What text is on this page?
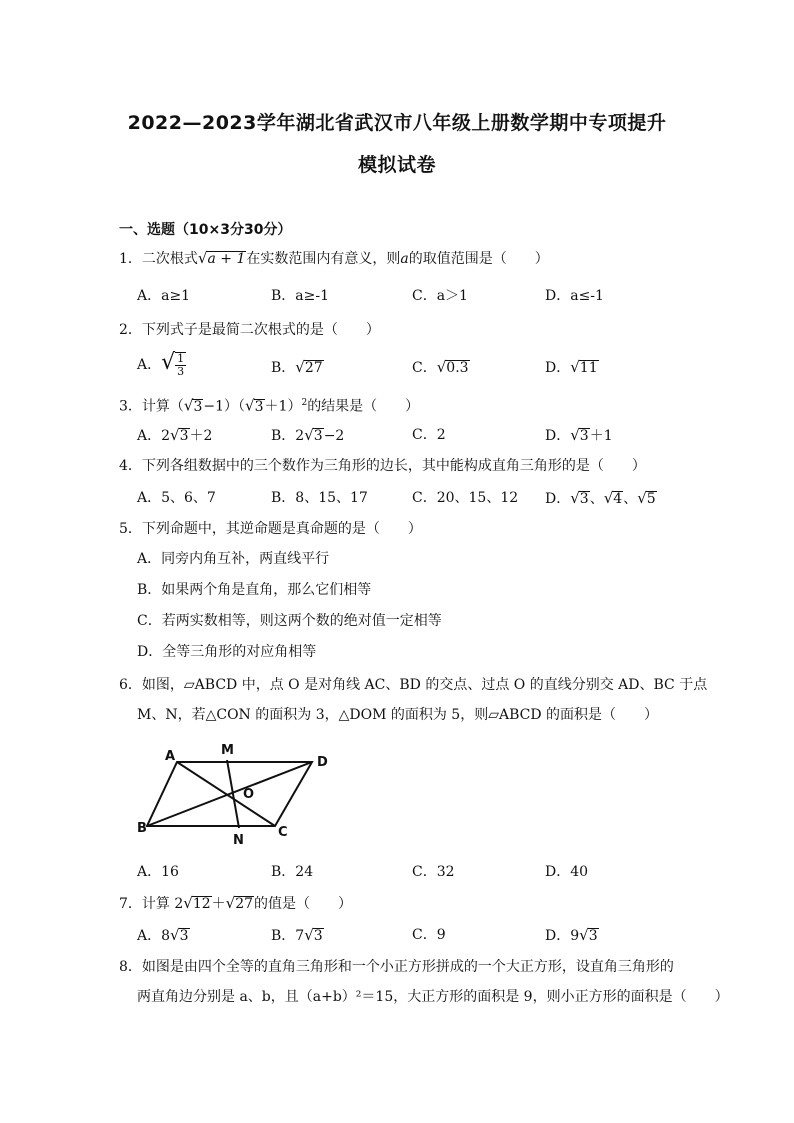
2022—2023学年湖北省武汉市八年级上册数学期中专项提升
模拟试卷
一、选题（10×3分30分）
1．二次根式√a + 1在实数范围内有意义，则a的取值范围是（　　）
A．a≥1	B．a≥-1	C．a＞1	D．a≤-1
2．下列式子是最简二次根式的是（　　）
A．√ $\frac{1}{3}$	B．√27	C．√0.3	D．√11
3．计算$(√3-1)(√3+1)^2$的结果是（　　）
A．2√3＋2	B．2√3−2	C．2	D．√3＋1
4．下列各组数据中的三个数作为三角形的边长，其中能构成直角三角形的是（　　）
A．5、6、7	B．8、15、17	C．20、15、12 D．√3、√4、√5
5．下列命题中，其逆命题是真命题的是（　　）
A．同旁内角互补，两直线平行
B．如果两个角是直角，那么它们相等
C．若两实数相等，则这两个数的绝对值一定相等
D．全等三角形的对应角相等
6．如图，▱ABCD 中，点 O 是对角线 AC、BD 的交点、过点 O 的直线分别交 AD、BC 于点
M、N，若△CON 的面积为 3，△DOM 的面积为 5，则▱ABCD 的面积是（　　）
A	M
D
O
B
N
C
A．16	B．24	C．32	D．40
7．计算 2√12＋√27的值是（　　）
A．8√3	B．7√3	C．9	D．9√3
8．如图是由四个全等的直角三角形和一个小正方形拼成的一个大正方形，设直角三角形的
两直角边分别是 a、b，且（a+b）²＝15，大正方形的面积是 9，则小正方形的面积是（　　）
